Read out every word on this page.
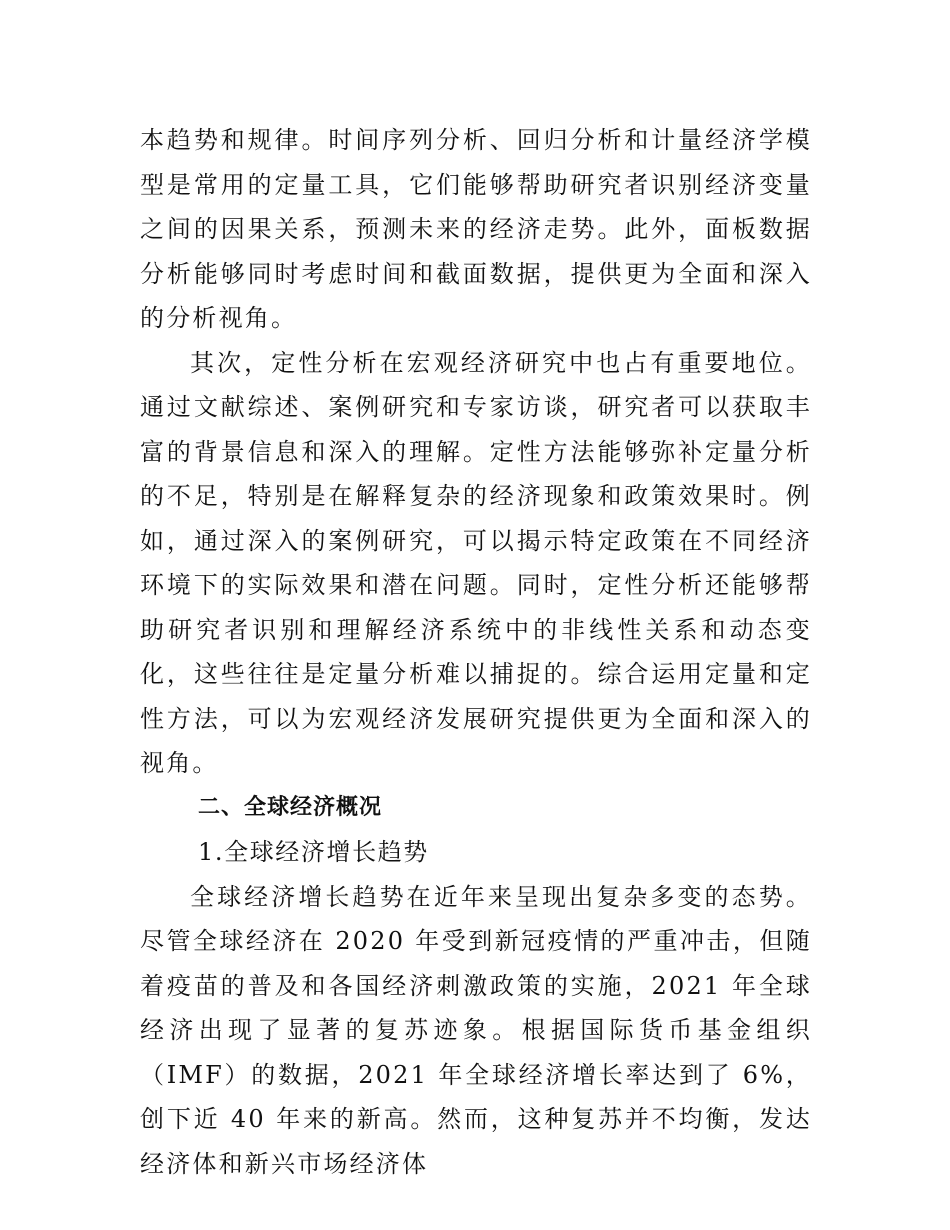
本趋势和规律。时间序列分析、回归分析和计量经济学模型是常用的定量工具，它们能够帮助研究者识别经济变量之间的因果关系，预测未来的经济走势。此外，面板数据分析能够同时考虑时间和截面数据，提供更为全面和深入的分析视角。

其次，定性分析在宏观经济研究中也占有重要地位。通过文献综述、案例研究和专家访谈，研究者可以获取丰富的背景信息和深入的理解。定性方法能够弥补定量分析的不足，特别是在解释复杂的经济现象和政策效果时。例如，通过深入的案例研究，可以揭示特定政策在不同经济环境下的实际效果和潜在问题。同时，定性分析还能够帮助研究者识别和理解经济系统中的非线性关系和动态变化，这些往往是定量分析难以捕捉的。综合运用定量和定性方法，可以为宏观经济发展研究提供更为全面和深入的视角。

二、全球经济概况

1.全球经济增长趋势

全球经济增长趋势在近年来呈现出复杂多变的态势。尽管全球经济在 2020 年受到新冠疫情的严重冲击，但随着疫苗的普及和各国经济刺激政策的实施，2021 年全球经济出现了显著的复苏迹象。根据国际货币基金组织（IMF）的数据，2021 年全球经济增长率达到了 6%，创下近 40 年来的新高。然而，这种复苏并不均衡，发达经济体和新兴市场经济体
